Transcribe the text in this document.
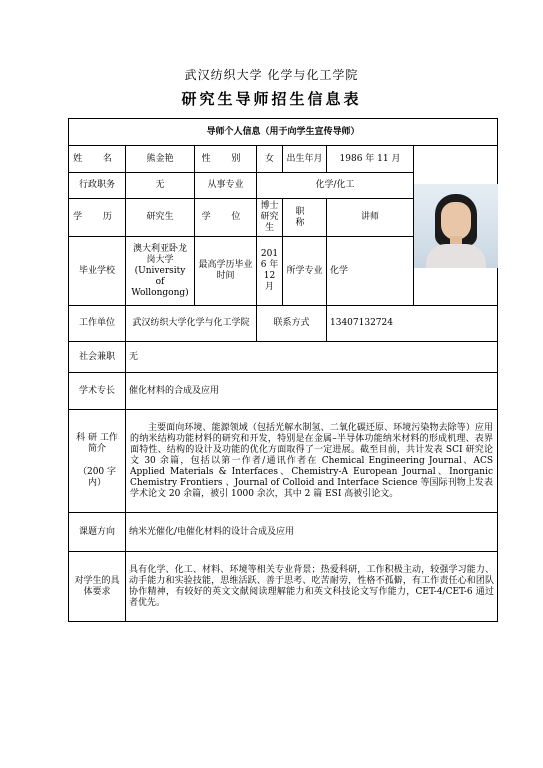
武汉纺织大学 化学与化工学院
研究生导师招生信息表
导师个人信息（用于向学生宣传导师）						
姓 名	熊金艳	性 别	女	出生年月	1986 年 11 月	

行政职务	无	从事专业	化学/化工			
学 历	研究生	学 位	博士研究生	职 称	讲师	
毕业学校	澳大利亚卧龙岗大学(University of Wollongong)	最高学历毕业时间	2016 年 12 月	所学专业	化学	
工作单位	武汉纺织大学化学与化工学院		联系方式		13407132724	
社会兼职	无					
学术专长	催化材料的合成及应用					

科 研 工作简介
（200 字内）	主要面向环境、能源领域（包括光解水制氢、二氧化碳还原、环境污染物去除等）应用的纳米结构功能材料的研究和开发，特别是在金属–半导体功能纳米材料的形成机理、表界面特性、结构的设计及功能的优化方面取得了一定进展。截至目前，共计发表 SCI 研究论文 30 余篇，包括以第一作者/通讯作者在 Chemical Engineering Journal、ACS Applied Materials & Interfaces、Chemistry-A European Journal、Inorganic Chemistry Frontiers 、Journal of Colloid and Interface Science 等国际刊物上发表学术论文 20 余篇，被引 1000 余次，其中 2 篇 ESI 高被引论文。					
课题方向	纳米光催化/电催化材料的设计合成及应用					
对学生的具体要求	具有化学、化工、材料、环境等相关专业背景；热爱科研，工作积极主动，较强学习能力、动手能力和实验技能，思维活跃、善于思考、吃苦耐劳，性格不孤僻，有工作责任心和团队协作精神，有较好的英文文献阅读理解能力和英文科技论文写作能力，CET-4/CET-6 通过者优先。					
